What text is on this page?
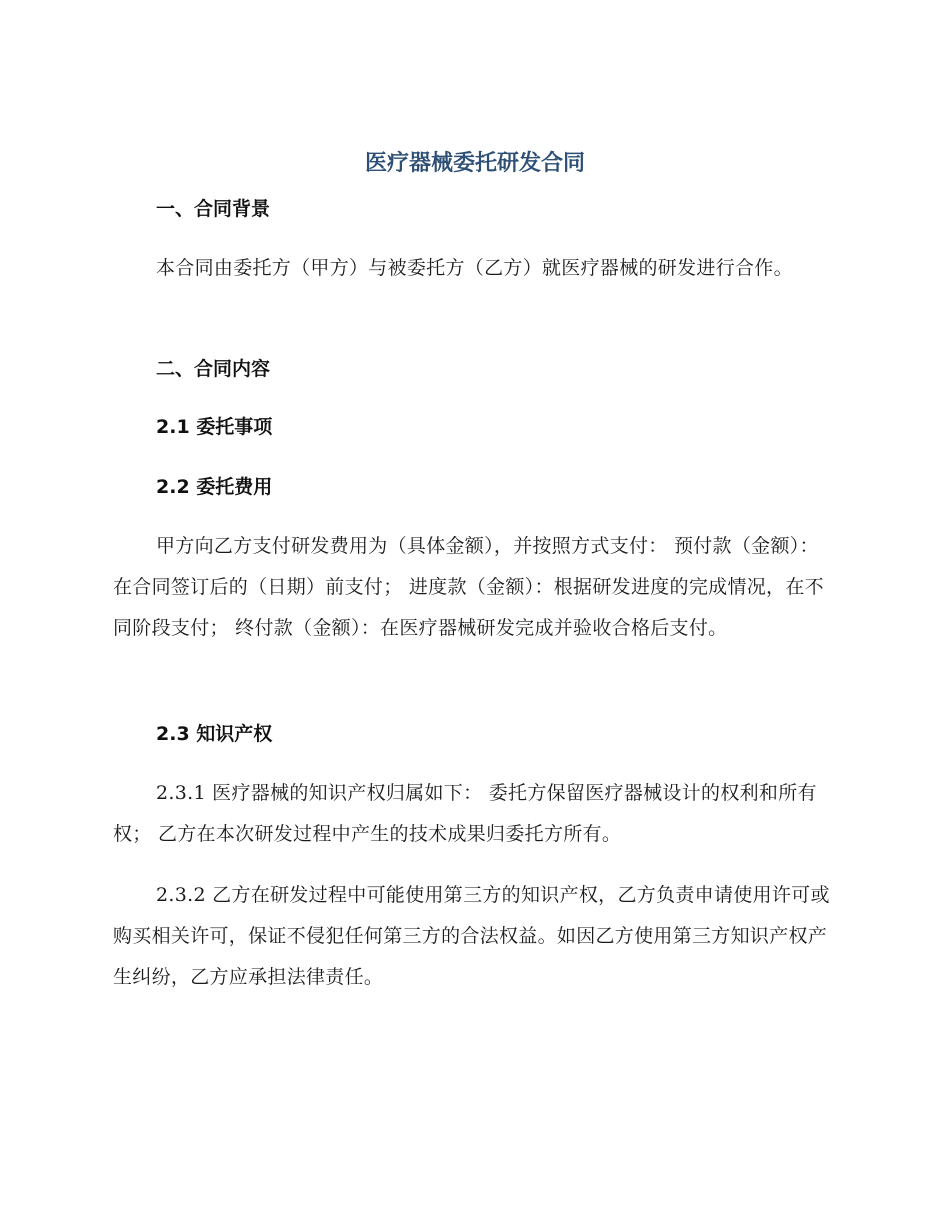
医疗器械委托研发合同
一、合同背景

本合同由委托方（甲方）与被委托方（乙方）就医疗器械的研发进行合作。

二、合同内容
2.1 委托事项
2.2 委托费用

甲方向乙方支付研发费用为（具体金额），并按照方式支付： 预付款（金额）：在合同签订后的（日期）前支付； 进度款（金额）：根据研发进度的完成情况，在不同阶段支付； 终付款（金额）：在医疗器械研发完成并验收合格后支付。

2.3 知识产权

2.3.1 医疗器械的知识产权归属如下： 委托方保留医疗器械设计的权利和所有权； 乙方在本次研发过程中产生的技术成果归委托方所有。

2.3.2 乙方在研发过程中可能使用第三方的知识产权，乙方负责申请使用许可或购买相关许可，保证不侵犯任何第三方的合法权益。如因乙方使用第三方知识产权产生纠纷，乙方应承担法律责任。
